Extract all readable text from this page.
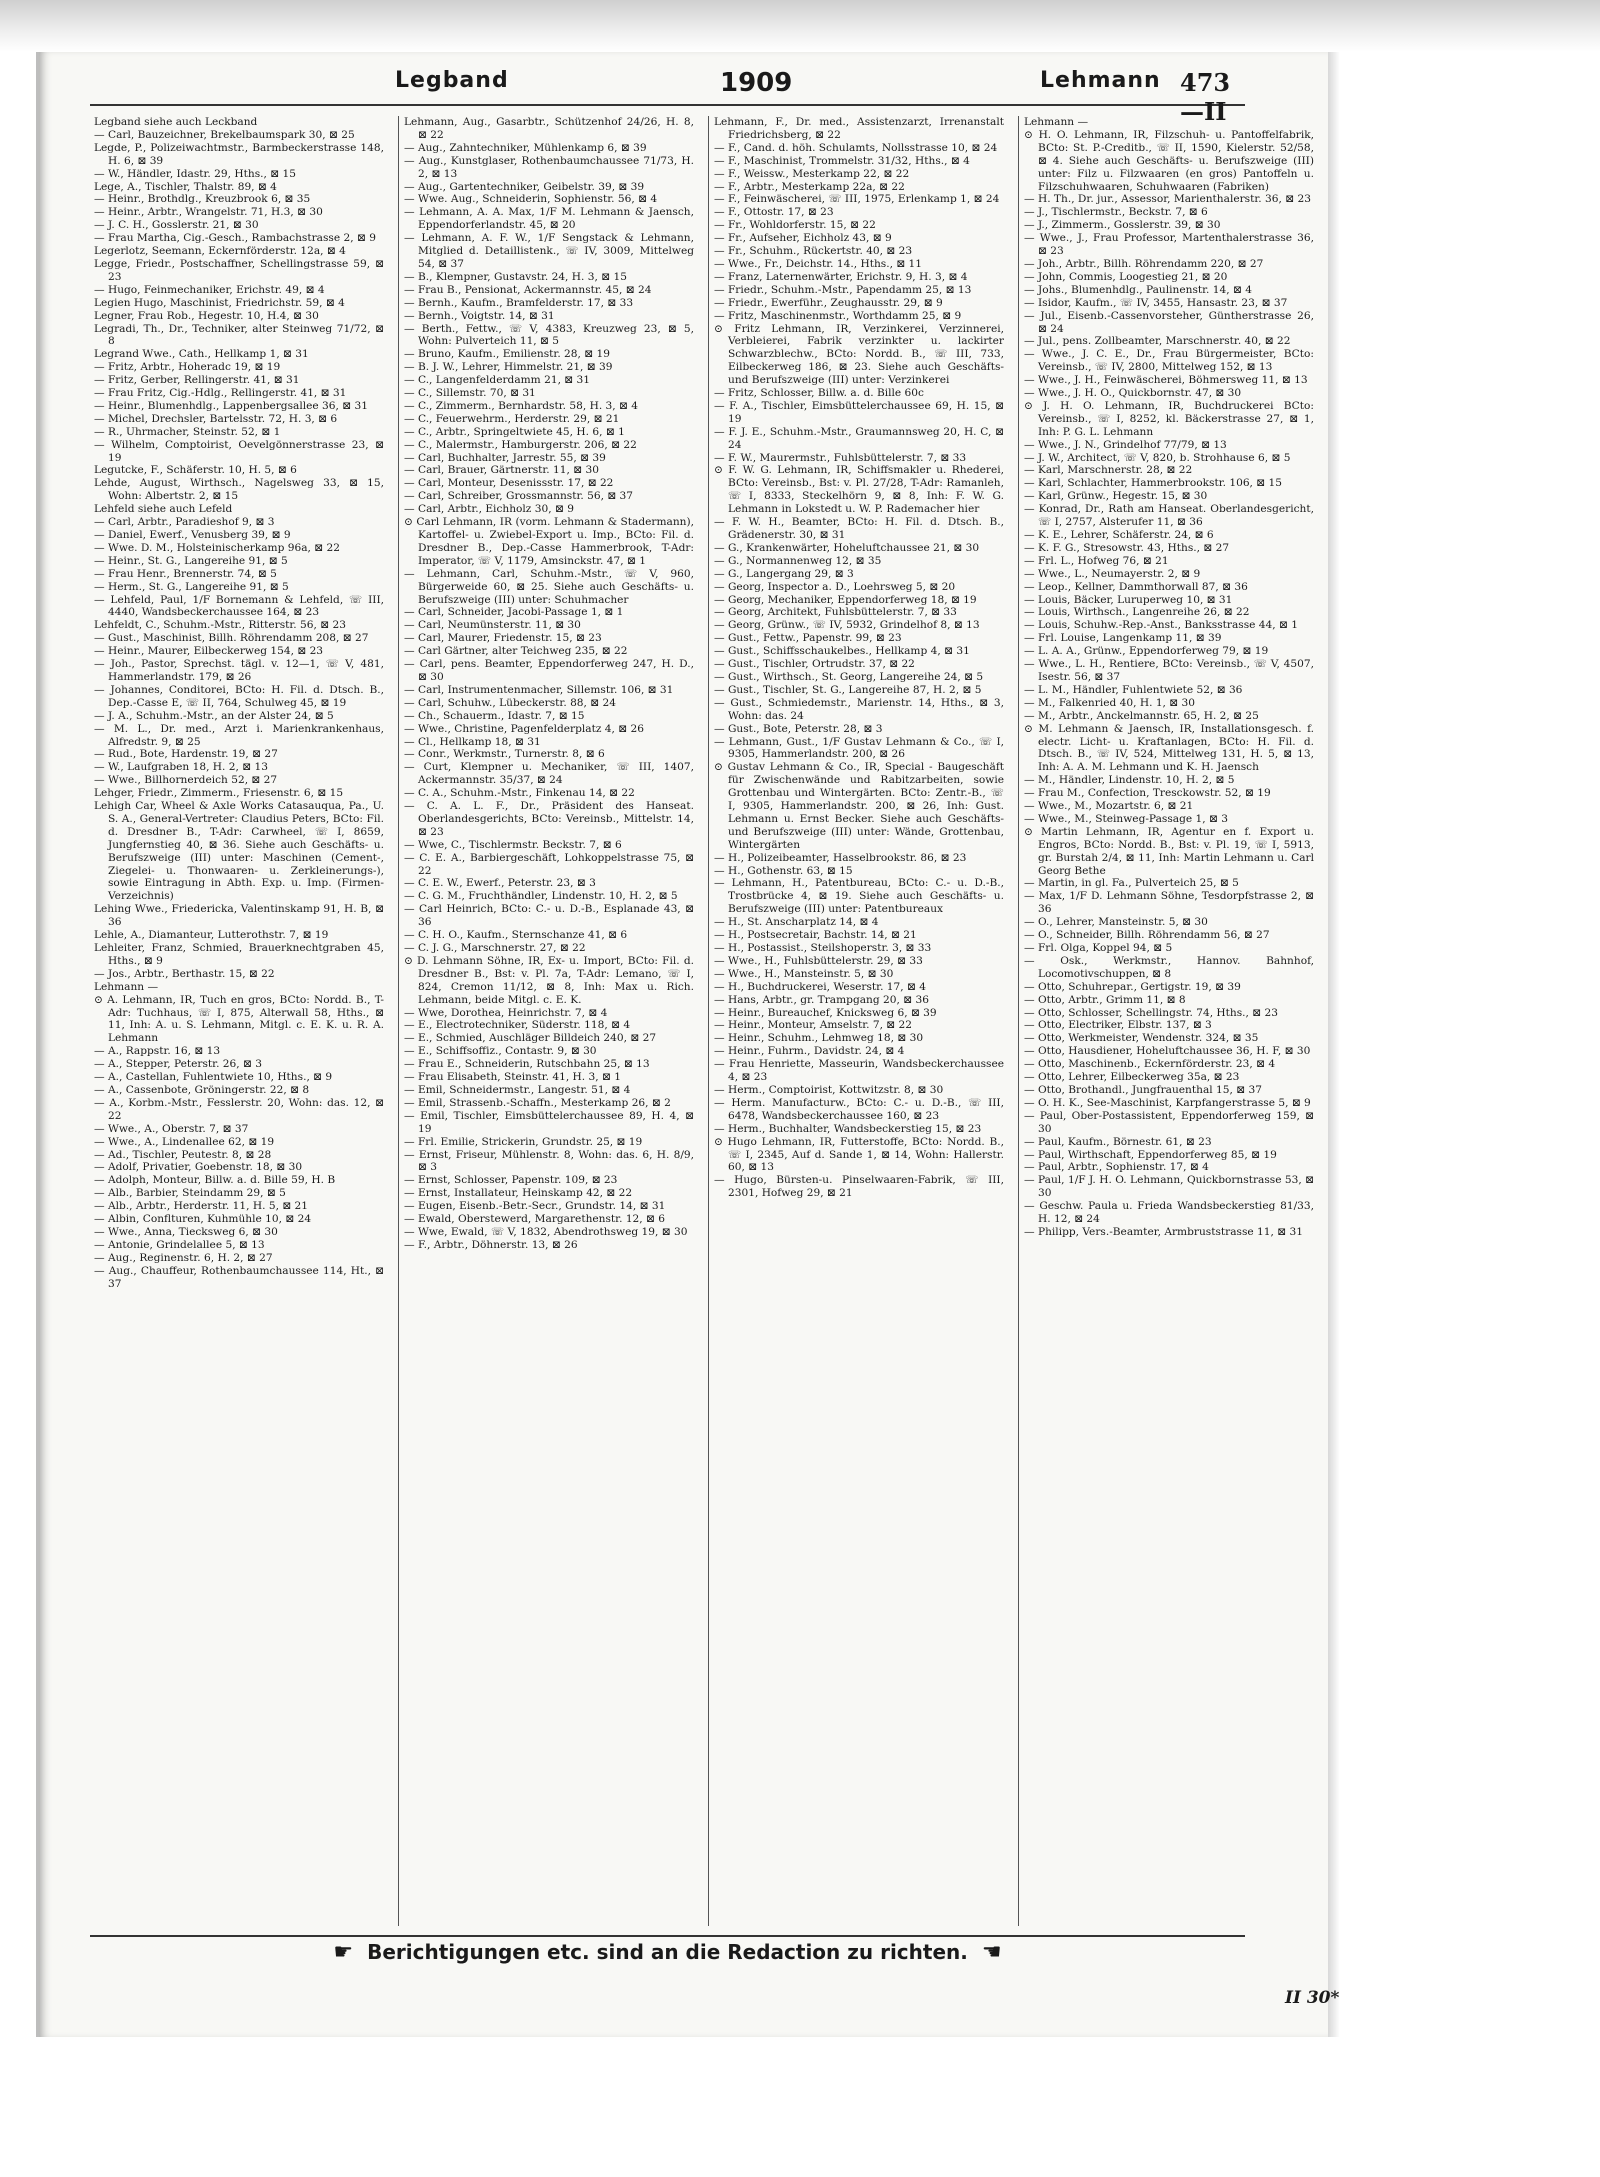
Legband	1909	Lehmann 473—II

Legband siehe auch Leckband

— Carl, Bauzeichner, Brekelbaumspark 30, ⊠ 25

Legde, P., Polizeiwachtmstr., Barmbeckerstrasse 148, H. 6, ⊠ 39

— W., Händler, Idastr. 29, Hths., ⊠ 15

Lege, A., Tischler, Thalstr. 89, ⊠ 4

— Heinr., Brothdlg., Kreuzbrook 6, ⊠ 35

— Heinr., Arbtr., Wrangelstr. 71, H.3, ⊠ 30

— J. C. H., Gosslerstr. 21, ⊠ 30

— Frau Martha, Cig.-Gesch., Rambachstrasse 2, ⊠ 9

Legerlotz, Seemann, Eckernförderstr. 12a, ⊠ 4

Legge, Friedr., Postschaffner, Schellingstrasse 59, ⊠ 23

— Hugo, Feinmechaniker, Erichstr. 49, ⊠ 4

Legien Hugo, Maschinist, Friedrichstr. 59, ⊠ 4

Legner, Frau Rob., Hegestr. 10, H.4, ⊠ 30

Legradi, Th., Dr., Techniker, alter Steinweg 71/72, ⊠ 8

Legrand Wwe., Cath., Hellkamp 1, ⊠ 31

— Fritz, Arbtr., Hoheradc 19, ⊠ 19

— Fritz, Gerber, Rellingerstr. 41, ⊠ 31

— Frau Fritz, Cig.-Hdlg., Rellingerstr. 41, ⊠ 31

— Heinr., Blumenhdlg., Lappenbergsallee 36, ⊠ 31

— Michel, Drechsler, Bartelsstr. 72, H. 3, ⊠ 6

— R., Uhrmacher, Steinstr. 52, ⊠ 1

— Wilhelm, Comptoirist, Oevelgönnerstrasse 23, ⊠ 19

Legutcke, F., Schäferstr. 10, H. 5, ⊠ 6

Lehde, August, Wirthsch., Nagelsweg 33, ⊠ 15, Wohn: Albertstr. 2, ⊠ 15

Lehfeld siehe auch Lefeld

— Carl, Arbtr., Paradieshof 9, ⊠ 3

— Daniel, Ewerf., Venusberg 39, ⊠ 9

— Wwe. D. M., Holsteinischerkamp 96a, ⊠ 22

— Heinr., St. G., Langereihe 91, ⊠ 5

— Frau Henr., Brennerstr. 74, ⊠ 5

— Herm., St. G., Langereihe 91, ⊠ 5

— Lehfeld, Paul, 1/F Bornemann & Lehfeld, ☏ III, 4440, Wandsbeckerchaussee 164, ⊠ 23

Lehfeldt, C., Schuhm.-Mstr., Ritterstr. 56, ⊠ 23

— Gust., Maschinist, Billh. Röhrendamm 208, ⊠ 27

— Heinr., Maurer, Eilbeckerweg 154, ⊠ 23

— Joh., Pastor, Sprechst. tägl. v. 12—1, ☏ V, 481, Hammerlandstr. 179, ⊠ 26

— Johannes, Conditorei, BCto: H. Fil. d. Dtsch. B., Dep.-Casse E, ☏ II, 764, Schulweg 45, ⊠ 19

— J. A., Schuhm.-Mstr., an der Alster 24, ⊠ 5

— M. L., Dr. med., Arzt i. Marienkrankenhaus, Alfredstr. 9, ⊠ 25

— Rud., Bote, Hardenstr. 19, ⊠ 27

— W., Laufgraben 18, H. 2, ⊠ 13

— Wwe., Billhornerdeich 52, ⊠ 27

Lehger, Friedr., Zimmerm., Friesenstr. 6, ⊠ 15

Lehigh Car, Wheel & Axle Works Catasauqua, Pa., U. S. A., General-Vertreter: Claudius Peters, BCto: Fil. d. Dresdner B., T-Adr: Carwheel, ☏ I, 8659, Jungfernstieg 40, ⊠ 36. Siehe auch Geschäfts- u. Berufszweige (III) unter: Maschinen (Cement-, Ziegelei- u. Thonwaaren- u. Zerkleinerungs-), sowie Eintragung in Abth. Exp. u. Imp. (Firmen-Verzeichnis)

Lehing Wwe., Friedericka, Valentinskamp 91, H. B, ⊠ 36

Lehle, A., Diamanteur, Lutterothstr. 7, ⊠ 19

Lehleiter, Franz, Schmied, Brauerknechtgraben 45, Hths., ⊠ 9

— Jos., Arbtr., Berthastr. 15, ⊠ 22

Lehmann —

⊙ A. Lehmann, IR, Tuch en gros, BCto: Nordd. B., T-Adr: Tuchhaus, ☏ I, 875, Alterwall 58, Hths., ⊠ 11, Inh: A. u. S. Lehmann, Mitgl. c. E. K. u. R. A. Lehmann

— A., Rappstr. 16, ⊠ 13

— A., Stepper, Peterstr. 26, ⊠ 3

— A., Castellan, Fuhlentwiete 10, Hths., ⊠ 9

— A., Cassenbote, Gröningerstr. 22, ⊠ 8

— A., Korbm.-Mstr., Fesslerstr. 20, Wohn: das. 12, ⊠ 22

— Wwe., A., Oberstr. 7, ⊠ 37

— Wwe., A., Lindenallee 62, ⊠ 19

— Ad., Tischler, Peutestr. 8, ⊠ 28

— Adolf, Privatier, Goebenstr. 18, ⊠ 30

— Adolph, Monteur, Billw. a. d. Bille 59, H. B

— Alb., Barbier, Steindamm 29, ⊠ 5

— Alb., Arbtr., Herderstr. 11, H. 5, ⊠ 21

— Albin, Conflturen, Kuhmühle 10, ⊠ 24

— Wwe., Anna, Tiecksweg 6, ⊠ 30

— Antonie, Grindelallee 5, ⊠ 13

— Aug., Reginenstr. 6, H. 2, ⊠ 27

— Aug., Chauffeur, Rothenbaumchaussee 114, Ht., ⊠ 37

Lehmann, Aug., Gasarbtr., Schützenhof 24/26, H. 8, ⊠ 22

— Aug., Zahntechniker, Mühlenkamp 6, ⊠ 39

— Aug., Kunstglaser, Rothenbaumchaussee 71/73, H. 2, ⊠ 13

— Aug., Gartentechniker, Geibelstr. 39, ⊠ 39

— Wwe. Aug., Schneiderin, Sophienstr. 56, ⊠ 4

— Lehmann, A. A. Max, 1/F M. Lehmann & Jaensch, Eppendorferlandstr. 45, ⊠ 20

— Lehmann, A. F. W., 1/F Sengstack & Lehmann, Mitglied d. Detaillistenk., ☏ IV, 3009, Mittelweg 54, ⊠ 37

— B., Klempner, Gustavstr. 24, H. 3, ⊠ 15

— Frau B., Pensionat, Ackermannstr. 45, ⊠ 24

— Bernh., Kaufm., Bramfelderstr. 17, ⊠ 33

— Bernh., Voigtstr. 14, ⊠ 31

— Berth., Fettw., ☏ V, 4383, Kreuzweg 23, ⊠ 5, Wohn: Pulverteich 11, ⊠ 5

— Bruno, Kaufm., Emilienstr. 28, ⊠ 19

— B. J. W., Lehrer, Himmelstr. 21, ⊠ 39

— C., Langenfelderdamm 21, ⊠ 31

— C., Sillemstr. 70, ⊠ 31

— C., Zimmerm., Bernhardstr. 58, H. 3, ⊠ 4

— C., Feuerwehrm., Herderstr. 29, ⊠ 21

— C., Arbtr., Springeltwiete 45, H. 6, ⊠ 1

— C., Malermstr., Hamburgerstr. 206, ⊠ 22

— Carl, Buchhalter, Jarrestr. 55, ⊠ 39

— Carl, Brauer, Gärtnerstr. 11, ⊠ 30

— Carl, Monteur, Desenissstr. 17, ⊠ 22

— Carl, Schreiber, Grossmannstr. 56, ⊠ 37

— Carl, Arbtr., Eichholz 30, ⊠ 9

⊙ Carl Lehmann, IR (vorm. Lehmann & Stadermann), Kartoffel- u. Zwiebel-Export u. Imp., BCto: Fil. d. Dresdner B., Dep.-Casse Hammerbrook, T-Adr: Imperator, ☏ V, 1179, Amsinckstr. 47, ⊠ 1

— Lehmann, Carl, Schuhm.-Mstr., ☏ V, 960, Bürgerweide 60, ⊠ 25. Siehe auch Geschäfts- u. Berufszweige (III) unter: Schuhmacher

— Carl, Schneider, Jacobi-Passage 1, ⊠ 1

— Carl, Neumünsterstr. 11, ⊠ 30

— Carl, Maurer, Friedenstr. 15, ⊠ 23

— Carl Gärtner, alter Teichweg 235, ⊠ 22

— Carl, pens. Beamter, Eppendorferweg 247, H. D., ⊠ 30

— Carl, Instrumentenmacher, Sillemstr. 106, ⊠ 31

— Carl, Schuhw., Lübeckerstr. 88, ⊠ 24

— Ch., Schauerm., Idastr. 7, ⊠ 15

— Wwe., Christine, Pagenfelderplatz 4, ⊠ 26

— Cl., Hellkamp 18, ⊠ 31

— Conr., Werkmstr., Turnerstr. 8, ⊠ 6

— Curt, Klempner u. Mechaniker, ☏ III, 1407, Ackermannstr. 35/37, ⊠ 24

— C. A., Schuhm.-Mstr., Finkenau 14, ⊠ 22

— C. A. L. F., Dr., Präsident des Hanseat. Oberlandesgerichts, BCto: Vereinsb., Mittelstr. 14, ⊠ 23

— Wwe, C., Tischlermstr. Beckstr. 7, ⊠ 6

— C. E. A., Barbiergeschäft, Lohkoppelstrasse 75, ⊠ 22

— C. E. W., Ewerf., Peterstr. 23, ⊠ 3

— C. G. M., Fruchthändler, Lindenstr. 10, H. 2, ⊠ 5

— Carl Heinrich, BCto: C.- u. D.-B., Esplanade 43, ⊠ 36

— C. H. O., Kaufm., Sternschanze 41, ⊠ 6

— C. J. G., Marschnerstr. 27, ⊠ 22

⊙ D. Lehmann Söhne, IR, Ex- u. Import, BCto: Fil. d. Dresdner B., Bst: v. Pl. 7a, T-Adr: Lemano, ☏ I, 824, Cremon 11/12, ⊠ 8, Inh: Max u. Rich. Lehmann, beide Mitgl. c. E. K.

— Wwe, Dorothea, Heinrichstr. 7, ⊠ 4

— E., Electrotechniker, Süderstr. 118, ⊠ 4

— E., Schmied, Auschläger Billdeich 240, ⊠ 27

— E., Schiffsoffiz., Contastr. 9, ⊠ 30

— Frau E., Schneiderin, Rutschbahn 25, ⊠ 13

— Frau Elisabeth, Steinstr. 41, H. 3, ⊠ 1

— Emil, Schneidermstr., Langestr. 51, ⊠ 4

— Emil, Strassenb.-Schaffn., Mesterkamp 26, ⊠ 2

— Emil, Tischler, Eimsbüttelerchaussee 89, H. 4, ⊠ 19

— Frl. Emilie, Strickerin, Grundstr. 25, ⊠ 19

— Ernst, Friseur, Mühlenstr. 8, Wohn: das. 6, H. 8/9, ⊠ 3

— Ernst, Schlosser, Papenstr. 109, ⊠ 23

— Ernst, Installateur, Heinskamp 42, ⊠ 22

— Eugen, Eisenb.-Betr.-Secr., Grundstr. 14, ⊠ 31

— Ewald, Oberstewerd, Margarethenstr. 12, ⊠ 6

— Wwe, Ewald, ☏ V, 1832, Abendrothsweg 19, ⊠ 30

— F., Arbtr., Döhnerstr. 13, ⊠ 26

Lehmann, F., Dr. med., Assistenzarzt, Irrenanstalt Friedrichsberg, ⊠ 22

— F., Cand. d. höh. Schulamts, Nollsstrasse 10, ⊠ 24

— F., Maschinist, Trommelstr. 31/32, Hths., ⊠ 4

— F., Weissw., Mesterkamp 22, ⊠ 22

— F., Arbtr., Mesterkamp 22a, ⊠ 22

— F., Feinwäscherei, ☏ III, 1975, Erlenkamp 1, ⊠ 24

— F., Ottostr. 17, ⊠ 23

— Fr., Wohldorferstr. 15, ⊠ 22

— Fr., Aufseher, Eichholz 43, ⊠ 9

— Fr., Schuhm., Rückertstr. 40, ⊠ 23

— Wwe., Fr., Deichstr. 14., Hths., ⊠ 11

— Franz, Laternenwärter, Erichstr. 9, H. 3, ⊠ 4

— Friedr., Schuhm.-Mstr., Papendamm 25, ⊠ 13

— Friedr., Ewerführ., Zeughausstr. 29, ⊠ 9

— Fritz, Maschinenmstr., Worthdamm 25, ⊠ 9

⊙ Fritz Lehmann, IR, Verzinkerei, Verzinnerei, Verbleierei, Fabrik verzinkter u. lackirter Schwarzblechw., BCto: Nordd. B., ☏ III, 733, Eilbeckerweg 186, ⊠ 23. Siehe auch Geschäfts- und Berufszweige (III) unter: Verzinkerei

— Fritz, Schlosser, Billw. a. d. Bille 60c

— F. A., Tischler, Eimsbüttelerchaussee 69, H. 15, ⊠ 19

— F. J. E., Schuhm.-Mstr., Graumannsweg 20, H. C, ⊠ 24

— F. W., Maurermstr., Fuhlsbüttelerstr. 7, ⊠ 33

⊙ F. W. G. Lehmann, IR, Schiffsmakler u. Rhederei, BCto: Vereinsb., Bst: v. Pl. 27/28, T-Adr: Ramanleh, ☏ I, 8333, Steckelhörn 9, ⊠ 8, Inh: F. W. G. Lehmann in Lokstedt u. W. P. Rademacher hier

— F. W. H., Beamter, BCto: H. Fil. d. Dtsch. B., Grädenerstr. 30, ⊠ 31

— G., Krankenwärter, Hoheluftchaussee 21, ⊠ 30

— G., Normannenweg 12, ⊠ 35

— G., Langergang 29, ⊠ 3

— Georg, Inspector a. D., Loehrsweg 5, ⊠ 20

— Georg, Mechaniker, Eppendorferweg 18, ⊠ 19

— Georg, Architekt, Fuhlsbüttelerstr. 7, ⊠ 33

— Georg, Grünw., ☏ IV, 5932, Grindelhof 8, ⊠ 13

— Gust., Fettw., Papenstr. 99, ⊠ 23

— Gust., Schiffsschaukelbes., Hellkamp 4, ⊠ 31

— Gust., Tischler, Ortrudstr. 37, ⊠ 22

— Gust., Wirthsch., St. Georg, Langereihe 24, ⊠ 5

— Gust., Tischler, St. G., Langereihe 87, H. 2, ⊠ 5

— Gust., Schmiedemstr., Marienstr. 14, Hths., ⊠ 3, Wohn: das. 24

— Gust., Bote, Peterstr. 28, ⊠ 3

— Lehmann, Gust., 1/F Gustav Lehmann & Co., ☏ I, 9305, Hammerlandstr. 200, ⊠ 26

⊙ Gustav Lehmann & Co., IR, Special - Baugeschäft für Zwischenwände und Rabitzarbeiten, sowie Grottenbau und Wintergärten. BCto: Zentr.-B., ☏ I, 9305, Hammerlandstr. 200, ⊠ 26, Inh: Gust. Lehmann u. Ernst Becker. Siehe auch Geschäfts- und Berufszweige (III) unter: Wände, Grottenbau, Wintergärten

— H., Polizeibeamter, Hasselbrookstr. 86, ⊠ 23

— H., Gothenstr. 63, ⊠ 15

— Lehmann, H., Patentbureau, BCto: C.- u. D.-B., Trostbrücke 4, ⊠ 19. Siehe auch Geschäfts- u. Berufszweige (III) unter: Patentbureaux

— H., St. Anscharplatz 14, ⊠ 4

— H., Postsecretair, Bachstr. 14, ⊠ 21

— H., Postassist., Steilshoperstr. 3, ⊠ 33

— Wwe., H., Fuhlsbüttelerstr. 29, ⊠ 33

— Wwe., H., Mansteinstr. 5, ⊠ 30

— H., Buchdruckerei, Weserstr. 17, ⊠ 4

— Hans, Arbtr., gr. Trampgang 20, ⊠ 36

— Heinr., Bureauchef, Knicksweg 6, ⊠ 39

— Heinr., Monteur, Amselstr. 7, ⊠ 22

— Heinr., Schuhm., Lehmweg 18, ⊠ 30

— Heinr., Fuhrm., Davidstr. 24, ⊠ 4

— Frau Henriette, Masseurin, Wandsbeckerchaussee 4, ⊠ 23

— Herm., Comptoirist, Kottwitzstr. 8, ⊠ 30

— Herm. Manufacturw., BCto: C.- u. D.-B., ☏ III, 6478, Wandsbeckerchaussee 160, ⊠ 23

— Herm., Buchhalter, Wandsbeckerstieg 15, ⊠ 23

⊙ Hugo Lehmann, IR, Futterstoffe, BCto: Nordd. B., ☏ I, 2345, Auf d. Sande 1, ⊠ 14, Wohn: Hallerstr. 60, ⊠ 13

— Hugo, Bürsten-u. Pinselwaaren-Fabrik, ☏ III, 2301, Hofweg 29, ⊠ 21

Lehmann —

⊙ H. O. Lehmann, IR, Filzschuh- u. Pantoffelfabrik, BCto: St. P.-Creditb., ☏ II, 1590, Kielerstr. 52/58, ⊠ 4. Siehe auch Geschäfts- u. Berufszweige (III) unter: Filz u. Filzwaaren (en gros) Pantoffeln u. Filzschuhwaaren, Schuhwaaren (Fabriken)

— H. Th., Dr. jur., Assessor, Marienthalerstr. 36, ⊠ 23

— J., Tischlermstr., Beckstr. 7, ⊠ 6

— J., Zimmerm., Gosslerstr. 39, ⊠ 30

— Wwe., J., Frau Professor, Martenthalerstrasse 36, ⊠ 23

— Joh., Arbtr., Billh. Röhrendamm 220, ⊠ 27

— John, Commis, Loogestieg 21, ⊠ 20

— Johs., Blumenhdlg., Paulinenstr. 14, ⊠ 4

— Isidor, Kaufm., ☏ IV, 3455, Hansastr. 23, ⊠ 37

— Jul., Eisenb.-Cassenvorsteher, Güntherstrasse 26, ⊠ 24

— Jul., pens. Zollbeamter, Marschnerstr. 40, ⊠ 22

— Wwe., J. C. E., Dr., Frau Bürgermeister, BCto: Vereinsb., ☏ IV, 2800, Mittelweg 152, ⊠ 13

— Wwe., J. H., Feinwäscherei, Böhmersweg 11, ⊠ 13

— Wwe., J. H. O., Quickbornstr. 47, ⊠ 30

⊙ J. H. O. Lehmann, IR, Buchdruckerei BCto: Vereinsb., ☏ I, 8252, kl. Bäckerstrasse 27, ⊠ 1, Inh: P. G. L. Lehmann

— Wwe., J. N., Grindelhof 77/79, ⊠ 13

— J. W., Architect, ☏ V, 820, b. Strohhause 6, ⊠ 5

— Karl, Marschnerstr. 28, ⊠ 22

— Karl, Schlachter, Hammerbrookstr. 106, ⊠ 15

— Karl, Grünw., Hegestr. 15, ⊠ 30

— Konrad, Dr., Rath am Hanseat. Oberlandesgericht, ☏ I, 2757, Alsterufer 11, ⊠ 36

— K. E., Lehrer, Schäferstr. 24, ⊠ 6

— K. F. G., Stresowstr. 43, Hths., ⊠ 27

— Frl. L., Hofweg 76, ⊠ 21

— Wwe., L., Neumayerstr. 2, ⊠ 9

— Leop., Kellner, Dammthorwall 87, ⊠ 36

— Louis, Bäcker, Luruperweg 10, ⊠ 31

— Louis, Wirthsch., Langenreihe 26, ⊠ 22

— Louis, Schuhw.-Rep.-Anst., Banksstrasse 44, ⊠ 1

— Frl. Louise, Langenkamp 11, ⊠ 39

— L. A. A., Grünw., Eppendorferweg 79, ⊠ 19

— Wwe., L. H., Rentiere, BCto: Vereinsb., ☏ V, 4507, Isestr. 56, ⊠ 37

— L. M., Händler, Fuhlentwiete 52, ⊠ 36

— M., Falkenried 40, H. 1, ⊠ 30

— M., Arbtr., Anckelmannstr. 65, H. 2, ⊠ 25

⊙ M. Lehmann & Jaensch, IR, Installationsgesch. f. electr. Licht- u. Kraftanlagen, BCto: H. Fil. d. Dtsch. B., ☏ IV, 524, Mittelweg 131, H. 5, ⊠ 13, Inh: A. A. M. Lehmann und K. H. Jaensch

— M., Händler, Lindenstr. 10, H. 2, ⊠ 5

— Frau M., Confection, Tresckowstr. 52, ⊠ 19

— Wwe., M., Mozartstr. 6, ⊠ 21

— Wwe., M., Steinweg-Passage 1, ⊠ 3

⊙ Martin Lehmann, IR, Agentur en f. Export u. Engros, BCto: Nordd. B., Bst: v. Pl. 19, ☏ I, 5913, gr. Burstah 2/4, ⊠ 11, Inh: Martin Lehmann u. Carl Georg Bethe

— Martin, in gl. Fa., Pulverteich 25, ⊠ 5

— Max, 1/F D. Lehmann Söhne, Tesdorpfstrasse 2, ⊠ 36

— O., Lehrer, Mansteinstr. 5, ⊠ 30

— O., Schneider, Billh. Röhrendamm 56, ⊠ 27

— Frl. Olga, Koppel 94, ⊠ 5

— Osk., Werkmstr., Hannov. Bahnhof, Locomotivschuppen, ⊠ 8

— Otto, Schuhrepar., Gertigstr. 19, ⊠ 39

— Otto, Arbtr., Grimm 11, ⊠ 8

— Otto, Schlosser, Schellingstr. 74, Hths., ⊠ 23

— Otto, Electriker, Elbstr. 137, ⊠ 3

— Otto, Werkmeister, Wendenstr. 324, ⊠ 35

— Otto, Hausdiener, Hoheluftchaussee 36, H. F, ⊠ 30

— Otto, Maschinenb., Eckernförderstr. 23, ⊠ 4

— Otto, Lehrer, Eilbeckerweg 35a, ⊠ 23

— Otto, Brothandl., Jungfrauenthal 15, ⊠ 37

— O. H. K., See-Maschinist, Karpfangerstrasse 5, ⊠ 9

— Paul, Ober-Postassistent, Eppendorferweg 159, ⊠ 30

— Paul, Kaufm., Börnestr. 61, ⊠ 23

— Paul, Wirthschaft, Eppendorferweg 85, ⊠ 19

— Paul, Arbtr., Sophienstr. 17, ⊠ 4

— Paul, 1/F J. H. O. Lehmann, Quickbornstrasse 53, ⊠ 30

— Geschw. Paula u. Frieda Wandsbeckerstieg 81/33, H. 12, ⊠ 24

— Philipp, Vers.-Beamter, Armbruststrasse 11, ⊠ 31

☛ Berichtigungen etc. sind an die Redaction zu richten. ☚
II 30*
